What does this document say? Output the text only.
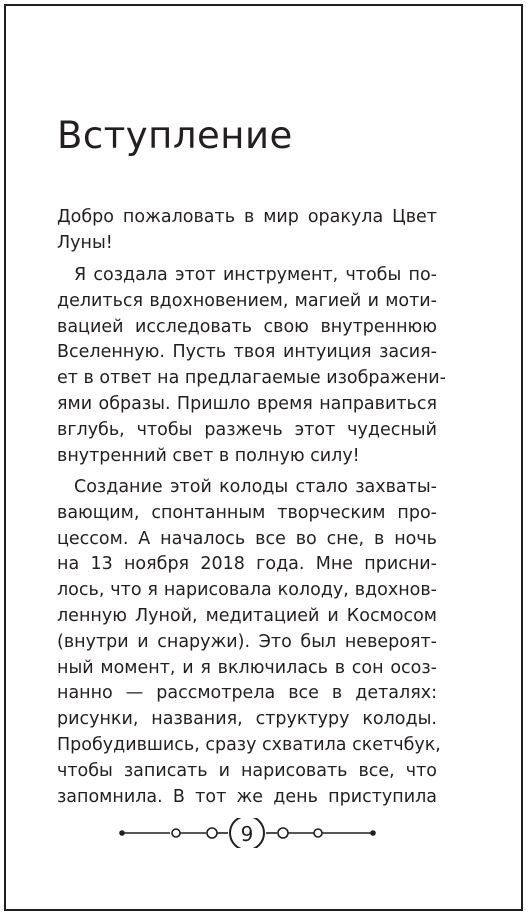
Вступление
Добро пожаловать в мир оракула Цвет
Луны!
Я создала этот инструмент, чтобы по-
делиться вдохновением, магией и моти-
вацией исследовать свою внутреннюю
Вселенную. Пусть твоя интуиция засия-
ет в ответ на предлагаемые изображени-
ями образы. Пришло время направиться
вглубь, чтобы разжечь этот чудесный
внутренний свет в полную силу!
Создание этой колоды стало захваты-
вающим, спонтанным творческим про-
цессом. А началось все во сне, в ночь
на 13 ноября 2018 года. Мне присни-
лось, что я нарисовала колоду, вдохнов-
ленную Луной, медитацией и Космосом
(внутри и снаружи). Это был невероят-
ный момент, и я включилась в сон осоз-
нанно — рассмотрела все в деталях:
рисунки, названия, структуру колоды.
Пробудившись, сразу схватила скетчбук,
чтобы записать и нарисовать все, что
запомнила. В тот же день приступила
9
